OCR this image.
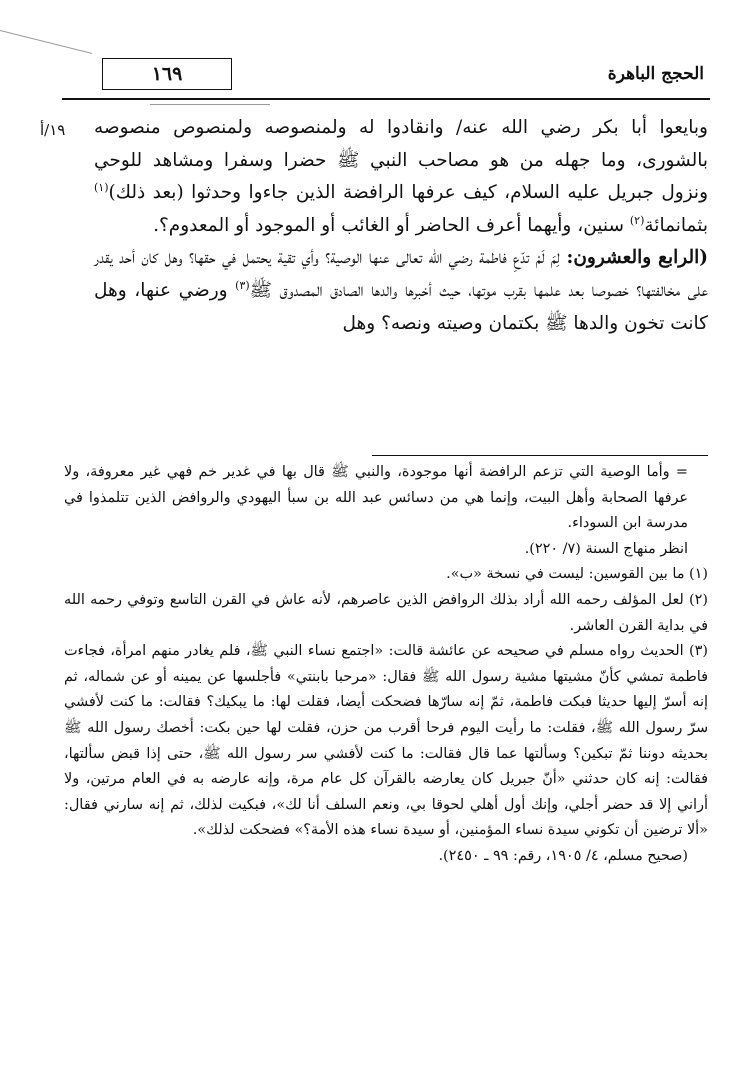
١٦٩	الحجج الباهرة
١٩/أ وبايعوا أبا بكر رضي الله عنه/ وانقادوا له ولمنصوصه ولمنصوص منصوصه بالشورى، وما جهله من هو مصاحب النبي ﷺ حضرا وسفرا ومشاهد للوحي ونزول جبريل عليه السلام، كيف عرفها الرافضة الذين جاءوا وحدثوا (بعد ذلك)$^{(١)}$ بثمانمائة$^{(٢)}$ سنين، وأيهما أعرف الحاضر أو الغائب أو الموجود أو المعدوم؟.

(الرابع والعشرون: لِمَ لَمْ تدّعِ فاطمة رضي الله تعالى عنها الوصية؟ وأي تقية يحتمل في حقها؟ وهل كان أحد يقدر على مخالفتها؟ خصوصا بعد علمها بقرب موتها، حيث أخبرها والدها الصادق المصدوق ﷺ$^{(٣)}$ ورضي عنها، وهل كانت تخون والدها ﷺ بكتمان وصيته ونصه؟ وهل

= وأما الوصية التي تزعم الرافضة أنها موجودة، والنبي ﷺ قال بها في غدير خم فهي غير معروفة، ولا عرفها الصحابة وأهل البيت، وإنما هي من دسائس عبد الله بن سبأ اليهودي والروافض الذين تتلمذوا في مدرسة ابن السوداء.

انظر منهاج السنة (٧/ ٢٢٠).

(١) ما بين القوسين: ليست في نسخة «ب».

(٢) لعل المؤلف رحمه الله أراد بذلك الروافض الذين عاصرهم، لأنه عاش في القرن التاسع وتوفي رحمه الله في بداية القرن العاشر.

(٣) الحديث رواه مسلم في صحيحه عن عائشة قالت: «اجتمع نساء النبي ﷺ، فلم يغادر منهم امرأة، فجاءت فاطمة تمشي كأنّ مشيتها مشية رسول الله ﷺ فقال: «مرحبا بابنتي» فأجلسها عن يمينه أو عن شماله، ثم إنه أسرّ إليها حديثا فبكت فاطمة، ثمّ إنه سارّها فضحكت أيضا، فقلت لها: ما يبكيك؟ فقالت: ما كنت لأفشي سرّ رسول الله ﷺ، فقلت: ما رأيت اليوم فرحا أقرب من حزن، فقلت لها حين بكت: أخصك رسول الله ﷺ بحديثه دوننا ثمّ تبكين؟ وسألتها عما قال فقالت: ما كنت لأفشي سر رسول الله ﷺ، حتى إذا قبض سألتها، فقالت: إنه كان حدثني «أنّ جبريل كان يعارضه بالقرآن كل عام مرة، وإنه عارضه به في العام مرتين، ولا أراني إلا قد حضر أجلي، وإنك أول أهلي لحوقا بي، ونعم السلف أنا لك»، فبكيت لذلك، ثم إنه سارني فقال: «ألا ترضين أن تكوني سيدة نساء المؤمنين، أو سيدة نساء هذه الأمة؟» فضحكت لذلك».

(صحيح مسلم، ٤/ ١٩٠٥، رقم: ٩٩ ـ ٢٤٥٠).
